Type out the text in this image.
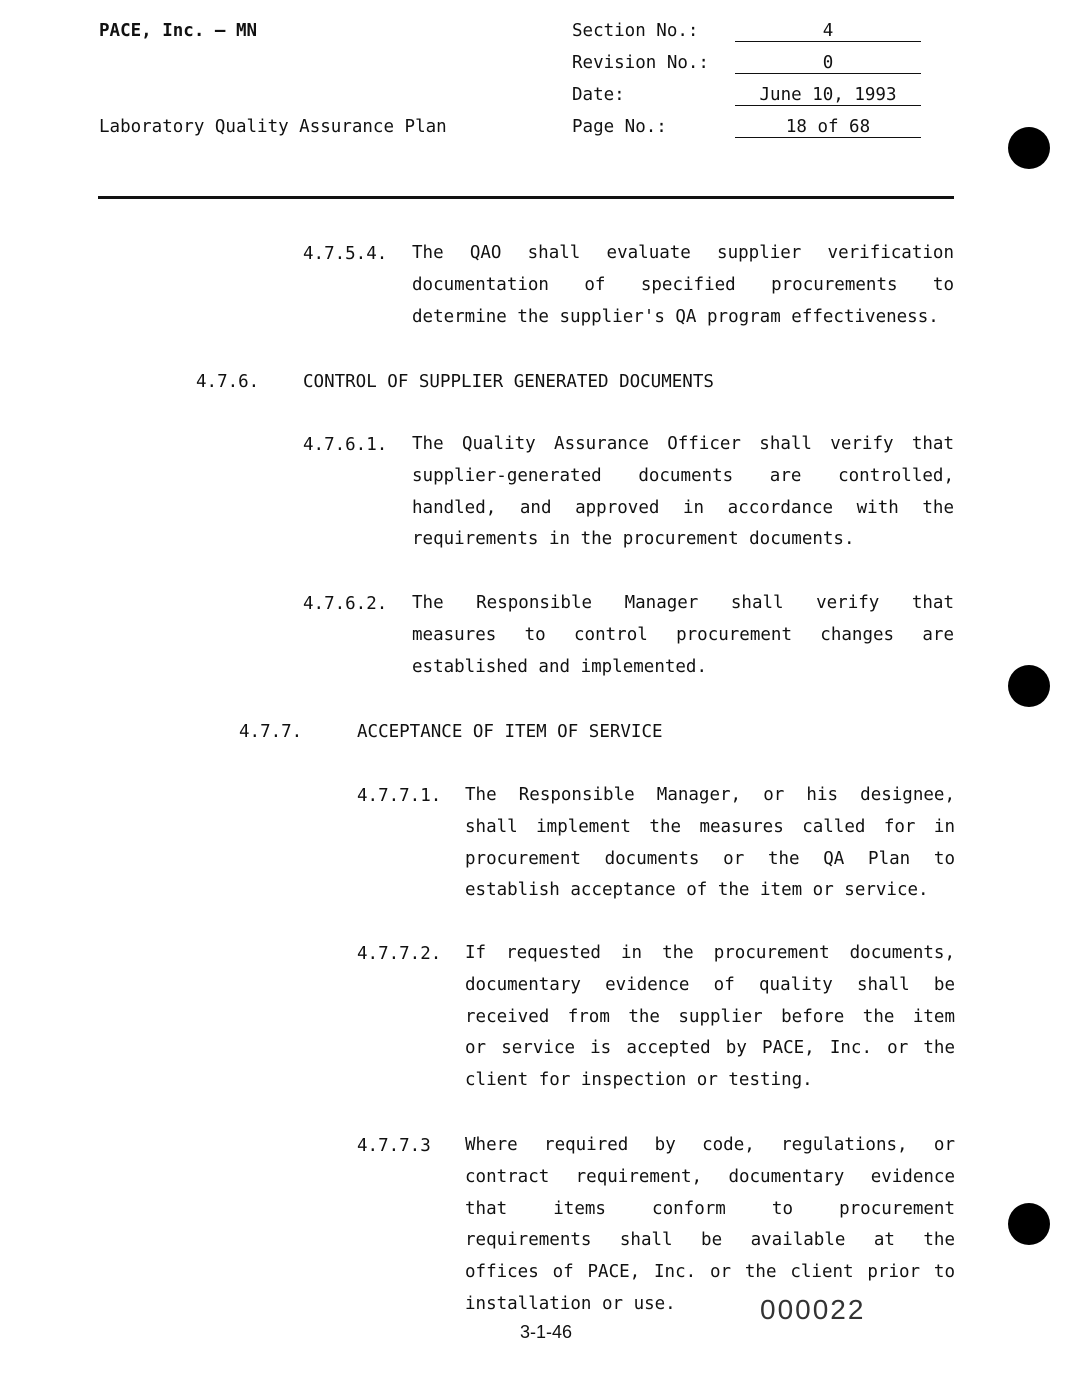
PACE, Inc. – MN
Laboratory Quality Assurance Plan
Section No.:	4
Revision No.:	0
Date:	June 10, 1993
Page No.:	18 of 68
4.7.5.4. The QAO shall evaluate supplier verification
documentation of specified procurements to
determine the supplier's QA program effectiveness.
4.7.6.	CONTROL OF SUPPLIER GENERATED DOCUMENTS
4.7.6.1. The Quality Assurance Officer shall verify that
supplier-generated documents are controlled,
handled, and approved in accordance with the
requirements in the procurement documents.
4.7.6.2. The Responsible Manager shall verify that
measures to control procurement changes are
established and implemented.
4.7.7.	ACCEPTANCE OF ITEM OF SERVICE
4.7.7.1. The Responsible Manager, or his designee,
shall implement the measures called for in
procurement documents or the QA Plan to
establish acceptance of the item or service.
4.7.7.2. If requested in the procurement documents,
documentary evidence of quality shall be
received from the supplier before the item
or service is accepted by PACE, Inc. or the
client for inspection or testing.
4.7.7.3 Where required by code, regulations, or
contract requirement, documentary evidence
that items conform to procurement
requirements shall be available at the
offices of PACE, Inc. or the client prior to
installation or use.	000022
3-1-46
